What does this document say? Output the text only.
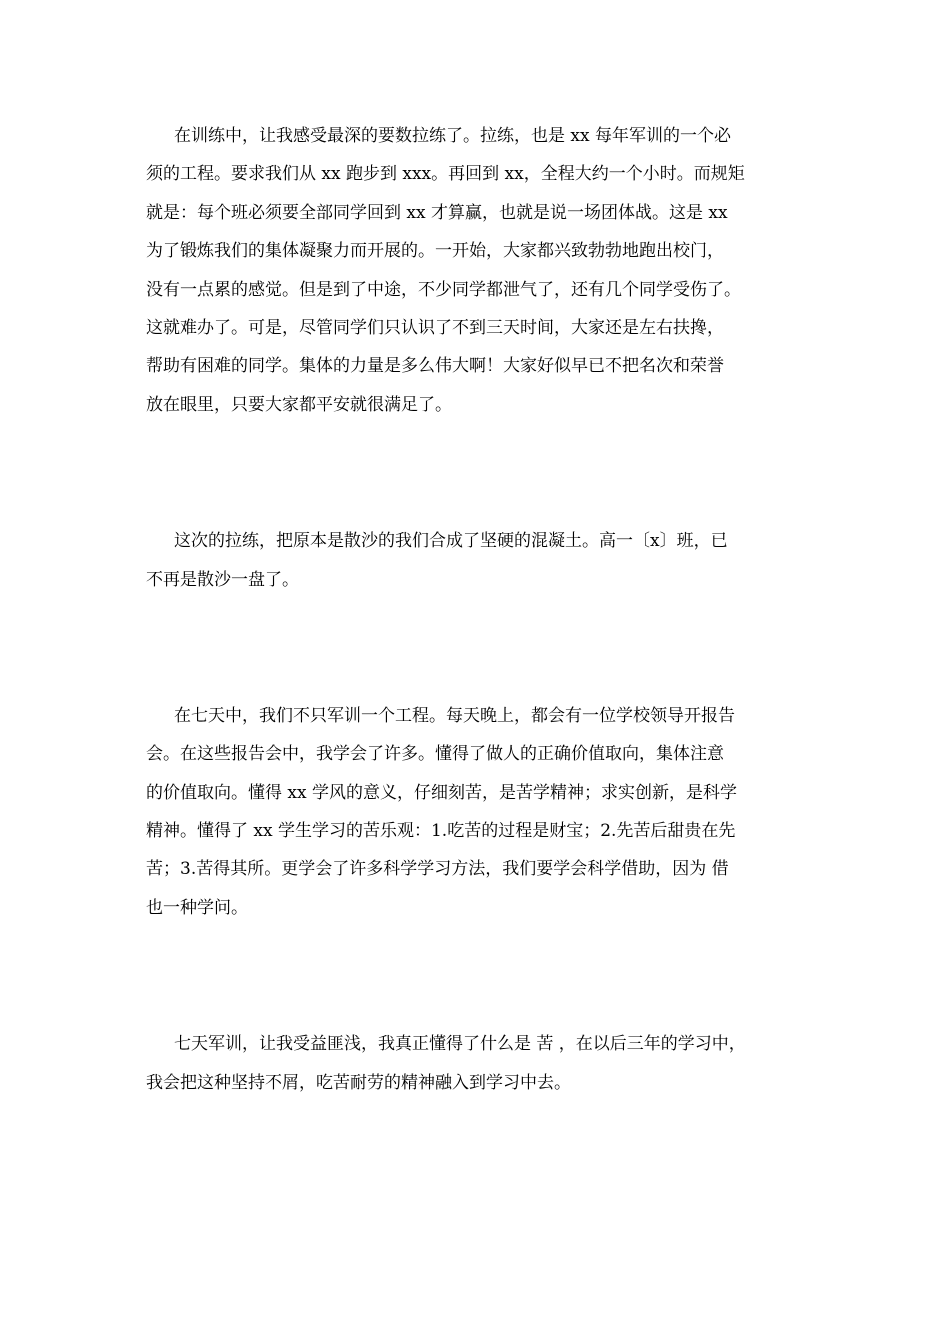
在训练中，让我感受最深的要数拉练了。拉练，也是 xx 每年军训的一个必
须的工程。要求我们从 xx 跑步到 xxx。再回到 xx，全程大约一个小时。而规矩
就是：每个班必须要全部同学回到 xx 才算赢，也就是说一场团体战。这是 xx
为了锻炼我们的集体凝聚力而开展的。一开始，大家都兴致勃勃地跑出校门，
没有一点累的感觉。但是到了中途，不少同学都泄气了，还有几个同学受伤了。
这就难办了。可是，尽管同学们只认识了不到三天时间，大家还是左右扶搀，
帮助有困难的同学。集体的力量是多么伟大啊！大家好似早已不把名次和荣誉
放在眼里，只要大家都平安就很满足了。
这次的拉练，把原本是散沙的我们合成了坚硬的混凝土。高一〔x〕班，已
不再是散沙一盘了。
在七天中，我们不只军训一个工程。每天晚上，都会有一位学校领导开报告
会。在这些报告会中，我学会了许多。懂得了做人的正确价值取向，集体注意
的价值取向。懂得 xx 学风的意义，仔细刻苦，是苦学精神；求实创新，是科学
精神。懂得了 xx 学生学习的苦乐观：1.吃苦的过程是财宝；2.先苦后甜贵在先
苦；3.苦得其所。更学会了许多科学学习方法，我们要学会科学借助，因为 借
也一种学问。
七天军训，让我受益匪浅，我真正懂得了什么是 苦 ，在以后三年的学习中，
我会把这种坚持不屑，吃苦耐劳的精神融入到学习中去。
